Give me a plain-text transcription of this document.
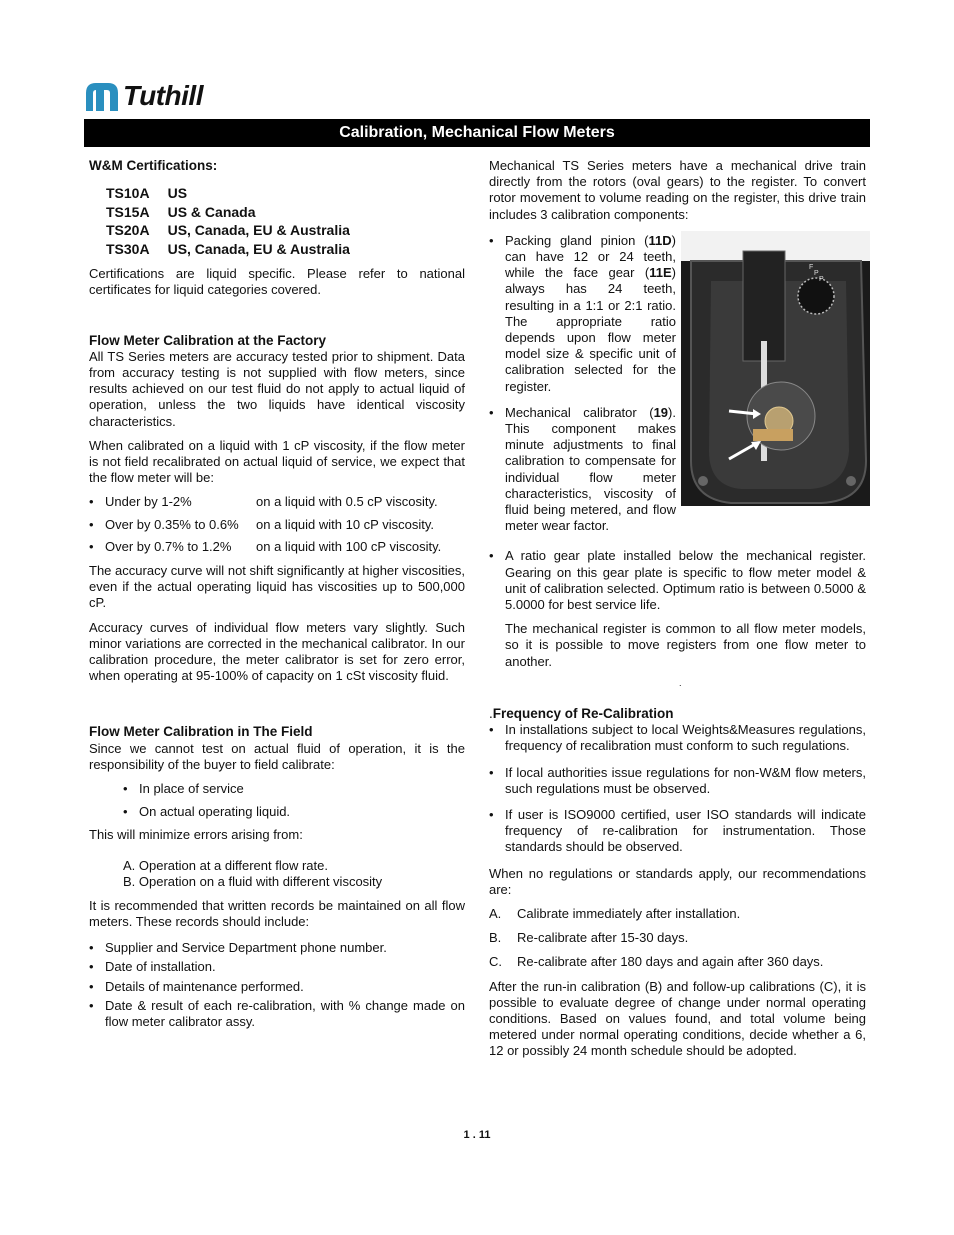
Tuthill
Calibration, Mechanical Flow Meters
W&M Certifications:
TS10A	US
TS15A	US & Canada
TS20A	US, Canada, EU & Australia
TS30A	US, Canada, EU & Australia

Certifications are liquid specific. Please refer to national certificates for liquid categories covered.

Flow Meter Calibration at the Factory

All TS Series meters are accuracy tested prior to shipment. Data from accuracy testing is not supplied with flow meters, since results achieved on our test fluid do not apply to actual liquid of operation, unless the two liquids have identical viscosity characteristics.

When calibrated on a liquid with 1 cP viscosity, if the flow meter is not field recalibrated on actual liquid of service, we expect that the flow meter will be:

• Under by 1-2%	on a liquid with 0.5 cP viscosity.
• Over by 0.35% to 0.6%	on a liquid with 10 cP viscosity.
• Over by 0.7% to 1.2%	on a liquid with 100 cP viscosity.

The accuracy curve will not shift significantly at higher viscosities, even if the actual operating liquid has viscosities up to 500,000 cP.

Accuracy curves of individual flow meters vary slightly. Such minor variations are corrected in the mechanical calibrator. In our calibration procedure, the meter calibrator is set for zero error, when operating at 95-100% of capacity on 1 cSt viscosity fluid.

Flow Meter Calibration in The Field

Since we cannot test on actual fluid of operation, it is the responsibility of the buyer to field calibrate:

• In place of service
• On actual operating liquid.

This will minimize errors arising from:

A. Operation at a different flow rate.
B. Operation on a fluid with different viscosity

It is recommended that written records be maintained on all flow meters. These records should include:

• Supplier and Service Department phone number.
• Date of installation.
• Details of maintenance performed.
• Date & result of each re-calibration, with % change made on flow meter calibrator assy.

Mechanical TS Series meters have a mechanical drive train directly from the rotors (oval gears) to the register. To convert rotor movement to volume reading on the register, this drive train includes 3 calibration components:

• Packing gland pinion (11D) can have 12 or 24 teeth, while the face gear (11E) always has 24 teeth, resulting in a 1:1 or 2:1 ratio. The appropriate ratio depends upon flow meter model size & specific unit of calibration selected for the register.
• Mechanical calibrator (19). This component makes minute adjustments to final calibration to compensate for individual flow meter characteristics, viscosity of fluid being metered, and flow meter wear factor.
• A ratio gear plate installed below the mechanical register. Gearing on this gear plate is specific to flow meter model & unit of calibration selected. Optimum ratio is between 0.5000 & 5.0000 for best service life.

The mechanical register is common to all flow meter models, so it is possible to move registers from one flow meter to another.

.
.Frequency of Re-Calibration
• In installations subject to local Weights&Measures regulations, frequency of recalibration must conform to such regulations.
• If local authorities issue regulations for non-W&M flow meters, such regulations must be observed.
• If user is ISO9000 certified, user ISO standards will indicate frequency of re-calibration for instrumentation. Those standards should be observed.

When no regulations or standards apply, our recommendations are:

A.	Calibrate immediately after installation.
B.	Re-calibrate after 15-30 days.
C.	Re-calibrate after 180 days and again after 360 days.

After the run-in calibration (B) and follow-up calibrations (C), it is possible to evaluate degree of change under normal operating conditions. Based on values found, and total volume being metered under normal operating conditions, decide whether a 6, 12 or possibly 24 month schedule should be adopted.

F
P
P
1 . 11
